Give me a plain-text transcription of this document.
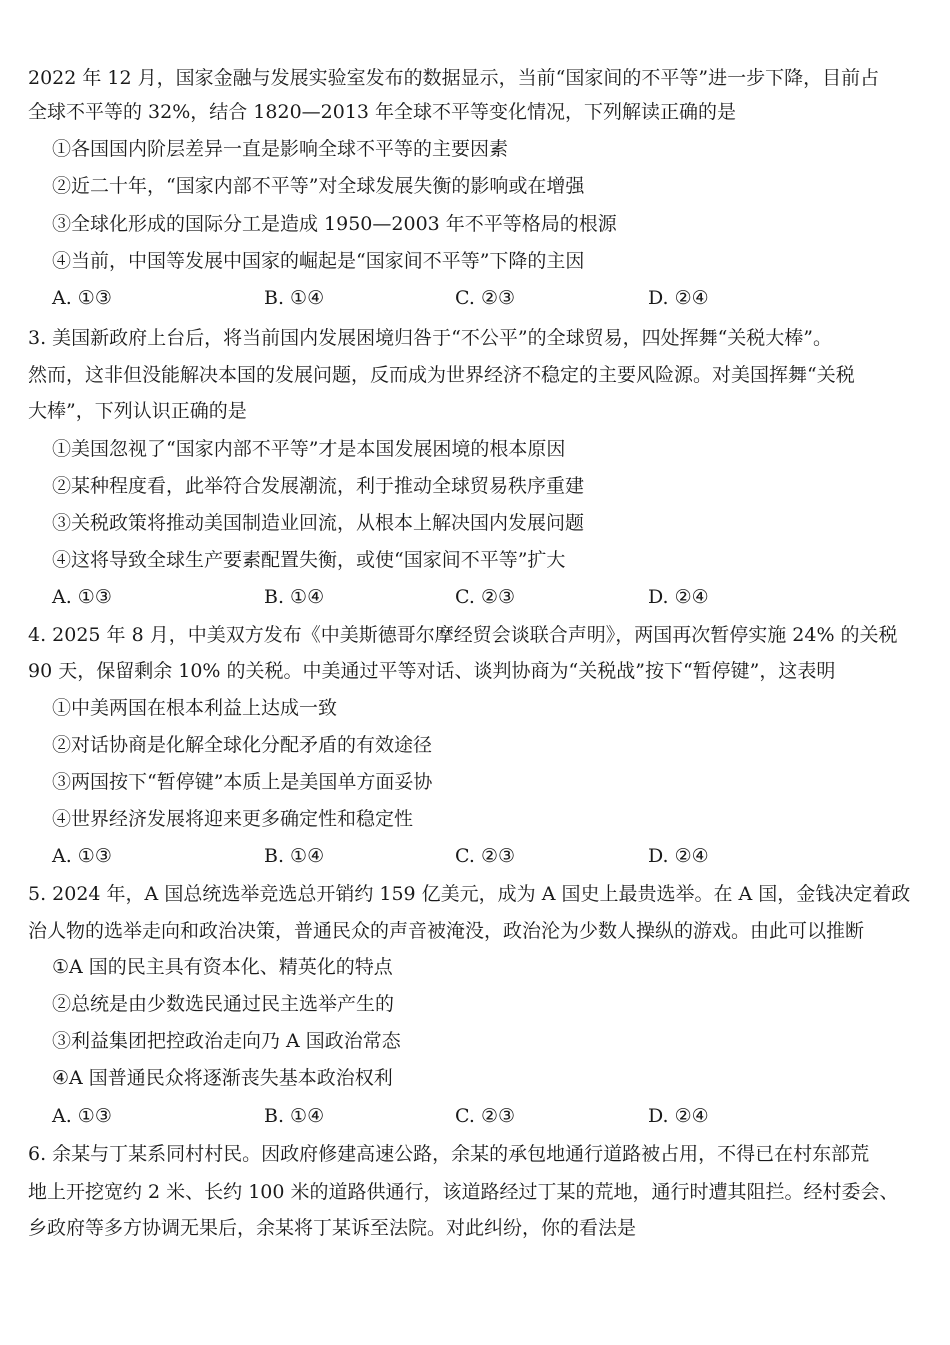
2022 年 12 月，国家金融与发展实验室发布的数据显示，当前“国家间的不平等”进一步下降，目前占
全球不平等的 32%，结合 1820—2013 年全球不平等变化情况，下列解读正确的是
①各国国内阶层差异一直是影响全球不平等的主要因素
②近二十年，“国家内部不平等”对全球发展失衡的影响或在增强
③全球化形成的国际分工是造成 1950—2003 年不平等格局的根源
④当前，中国等发展中国家的崛起是“国家间不平等”下降的主因
A. ①③	B. ①④	C. ②③	D. ②④
3. 美国新政府上台后，将当前国内发展困境归咎于“不公平”的全球贸易，四处挥舞“关税大棒”。
然而，这非但没能解决本国的发展问题，反而成为世界经济不稳定的主要风险源。对美国挥舞“关税
大棒”，下列认识正确的是
①美国忽视了“国家内部不平等”才是本国发展困境的根本原因
②某种程度看，此举符合发展潮流，利于推动全球贸易秩序重建
③关税政策将推动美国制造业回流，从根本上解决国内发展问题
④这将导致全球生产要素配置失衡，或使“国家间不平等”扩大
A. ①③	B. ①④	C. ②③	D. ②④
4. 2025 年 8 月，中美双方发布《中美斯德哥尔摩经贸会谈联合声明》，两国再次暂停实施 24% 的关税
90 天，保留剩余 10% 的关税。中美通过平等对话、谈判协商为“关税战”按下“暂停键”，这表明
①中美两国在根本利益上达成一致
②对话协商是化解全球化分配矛盾的有效途径
③两国按下“暂停键”本质上是美国单方面妥协
④世界经济发展将迎来更多确定性和稳定性
A. ①③	B. ①④	C. ②③	D. ②④
5. 2024 年，A 国总统选举竞选总开销约 159 亿美元，成为 A 国史上最贵选举。在 A 国，金钱决定着政
治人物的选举走向和政治决策，普通民众的声音被淹没，政治沦为少数人操纵的游戏。由此可以推断
①A 国的民主具有资本化、精英化的特点
②总统是由少数选民通过民主选举产生的
③利益集团把控政治走向乃 A 国政治常态
④A 国普通民众将逐渐丧失基本政治权利
A. ①③	B. ①④	C. ②③	D. ②④
6. 余某与丁某系同村村民。因政府修建高速公路，余某的承包地通行道路被占用，不得已在村东部荒
地上开挖宽约 2 米、长约 100 米的道路供通行，该道路经过丁某的荒地，通行时遭其阻拦。经村委会、
乡政府等多方协调无果后，余某将丁某诉至法院。对此纠纷，你的看法是
